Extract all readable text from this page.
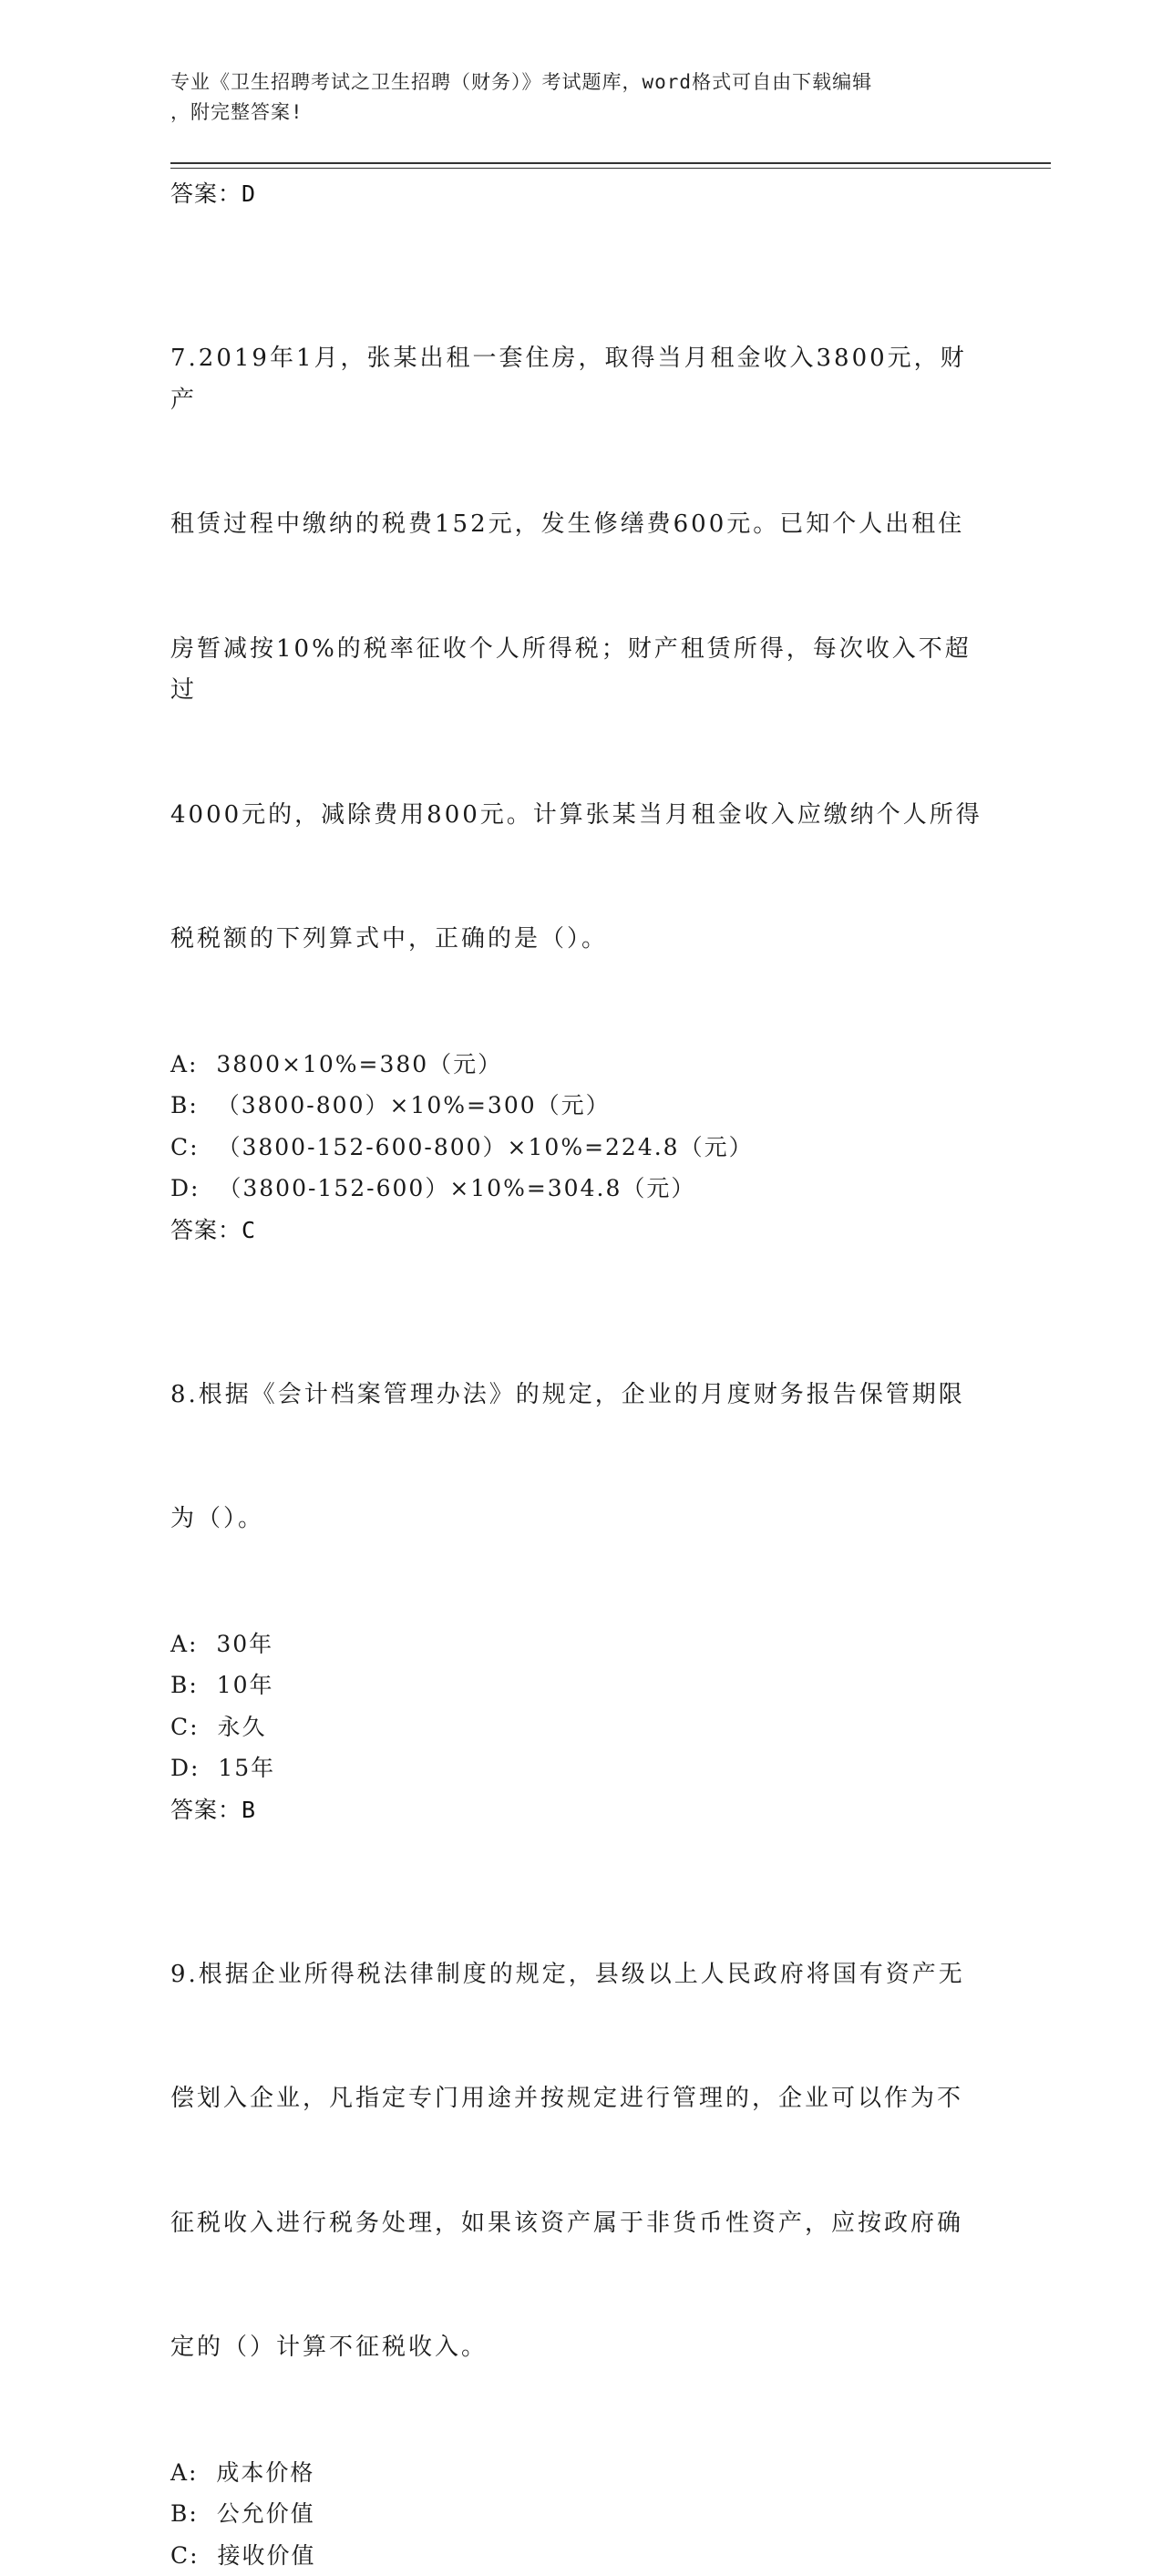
专业《卫生招聘考试之卫生招聘（财务）》考试题库，word格式可自由下载编辑
，附完整答案!
答案：D

7.2019年1月，张某出租一套住房，取得当月租金收入3800元，财产

租赁过程中缴纳的税费152元，发生修缮费600元。已知个人出租住

房暂减按10%的税率征收个人所得税；财产租赁所得，每次收入不超过

4000元的，减除费用800元。计算张某当月租金收入应缴纳个人所得

税税额的下列算式中，正确的是（）。

A:  3800×10%=380（元）
B:  （3800-800）×10%=300（元）
C:  （3800-152-600-800）×10%=224.8（元）
D:  （3800-152-600）×10%=304.8（元）
答案：C

8.根据《会计档案管理办法》的规定，企业的月度财务报告保管期限

为（）。

A:  30年
B:  10年
C:  永久
D:  15年
答案：B

9.根据企业所得税法律制度的规定，县级以上人民政府将国有资产无

偿划入企业，凡指定专门用途并按规定进行管理的，企业可以作为不

征税收入进行税务处理，如果该资产属于非货币性资产，应按政府确

定的（）计算不征税收入。

A:  成本价格
B:  公允价值
C:  接收价值
